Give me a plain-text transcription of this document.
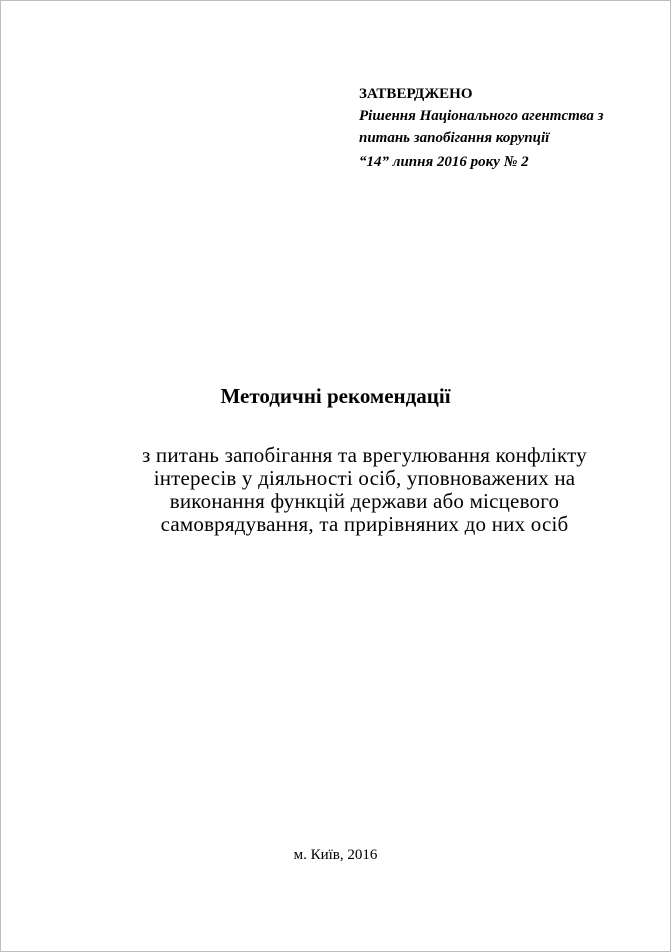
ЗАТВЕРДЖЕНО
Рішення Національного агентства з
питань запобігання корупції
“14” липня 2016 року № 2
Методичні рекомендації
з питань запобігання та врегулювання конфлікту
інтересів у діяльності осіб, уповноважених на
виконання функцій держави або місцевого
самоврядування, та прирівняних до них осіб
м. Київ, 2016
